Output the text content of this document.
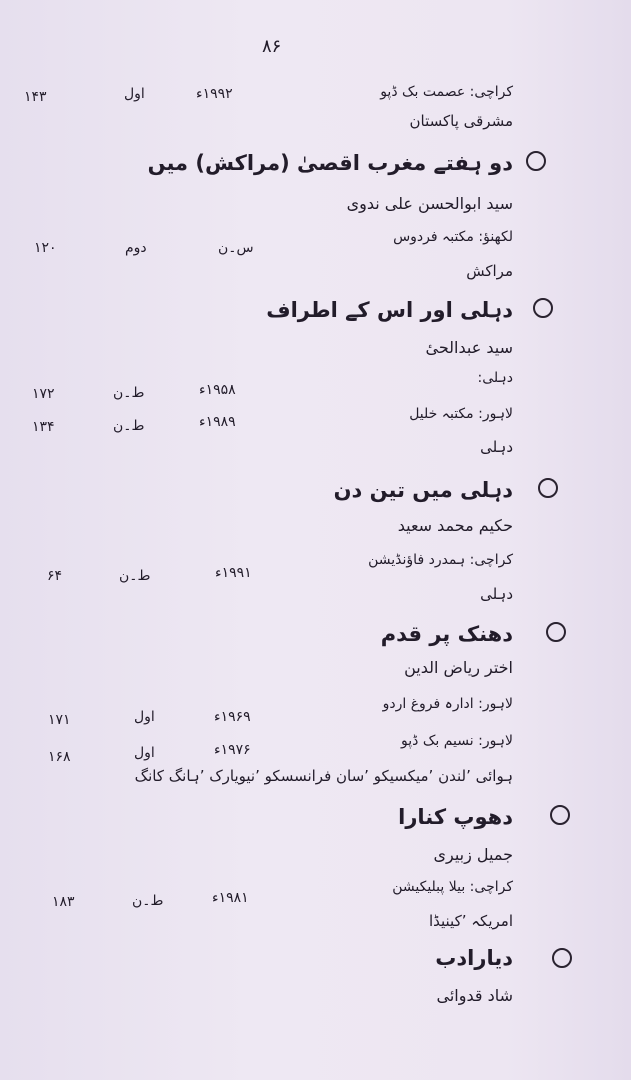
۸۶
کراچی: عصمت بک ڈپو
۱۹۹۲ء
اول
۱۴۳
مشرقی پاکستان
دو ہفتے مغرب اقصیٰ (مراکش) میں
سید ابوالحسن علی ندوی
لکھنؤ: مکتبہ فردوس
س۔ن
دوم
۱۲۰
مراکش
دہلی اور اس کے اطراف
سید عبدالحیٔ
دہلی:
۱۹۵۸ء
ط۔ن
۱۷۲
لاہور: مکتبہ خلیل
۱۹۸۹ء
ط۔ن
۱۳۴
دہلی
دہلی میں تین دن
حکیم محمد سعید
کراچی: ہمدرد فاؤنڈیشن
۱۹۹۱ء
ط۔ن
۶۴
دہلی
دھنک پر قدم
اختر ریاض الدین
لاہور: ادارہ فروغ اردو
۱۹۶۹ء
اول
۱۷۱
لاہور: نسیم بک ڈپو
۱۹۷۶ء
اول
۱۶۸
ہوائی ٬لندن ٬میکسیکو ٬سان فرانسسکو ٬نیویارک ٬ہانگ کانگ
دھوپ کنارا
جمیل زبیری
کراچی: بیلا پبلیکیشن
۱۹۸۱ء
ط۔ن
۱۸۳
امریکہ ٬کینیڈا
دیارادب
شاد قدوائی
